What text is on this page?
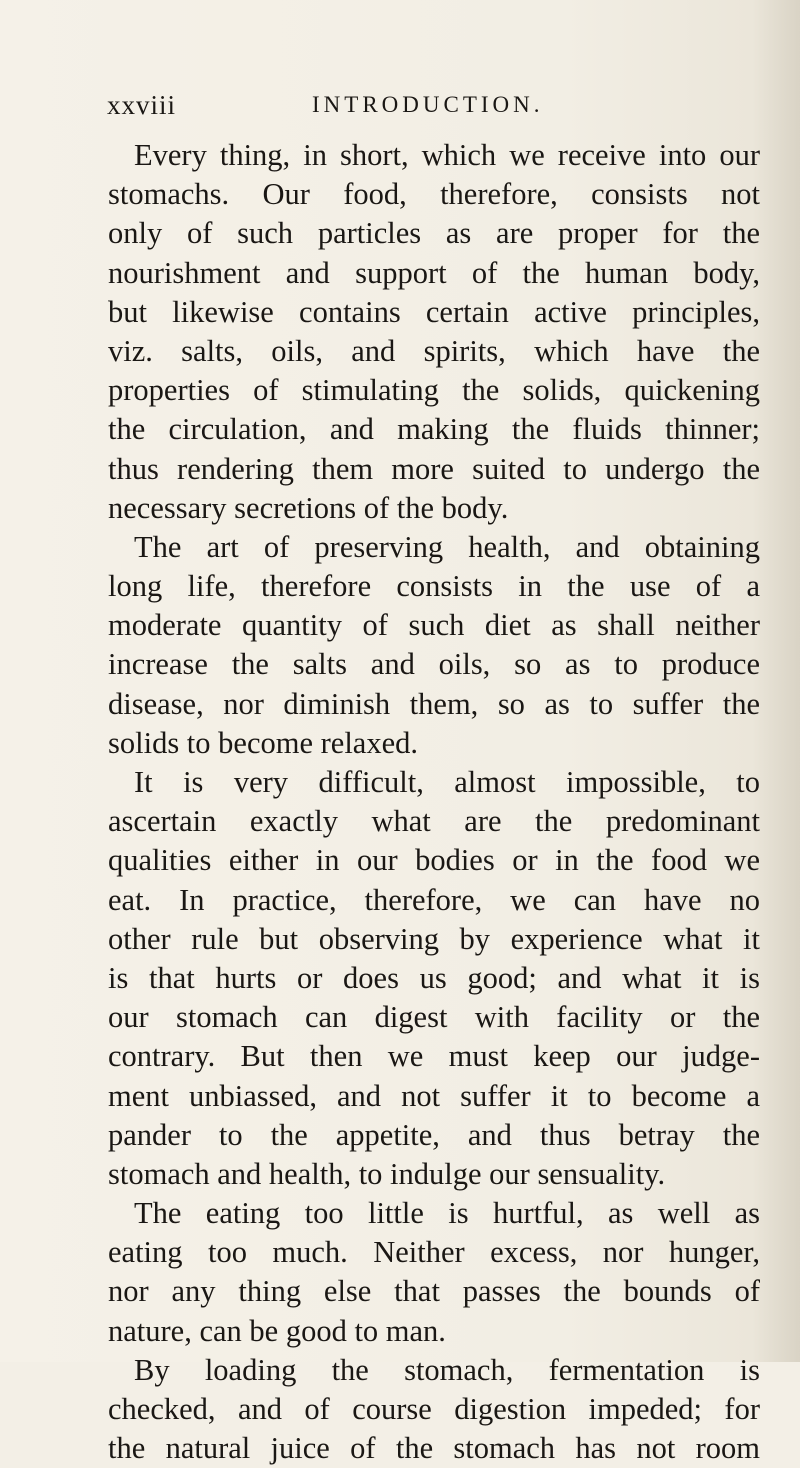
xxviii	INTRODUCTION.
Every thing, in short, which we receive into our
stomachs. Our food, therefore, consists not
only of such particles as are proper for the
nourishment and support of the human body,
but likewise contains certain active principles,
viz. salts, oils, and spirits, which have the
properties of stimulating the solids, quickening
the circulation, and making the fluids thinner;
thus rendering them more suited to undergo the
necessary secretions of the body.
The art of preserving health, and obtaining
long life, therefore consists in the use of a
moderate quantity of such diet as shall neither
increase the salts and oils, so as to produce
disease, nor diminish them, so as to suffer the
solids to become relaxed.
It is very difficult, almost impossible, to
ascertain exactly what are the predominant
qualities either in our bodies or in the food we
eat. In practice, therefore, we can have no
other rule but observing by experience what it
is that hurts or does us good; and what it is
our stomach can digest with facility or the
contrary. But then we must keep our judge-
ment unbiassed, and not suffer it to become a
pander to the appetite, and thus betray the
stomach and health, to indulge our sensuality.
The eating too little is hurtful, as well as
eating too much. Neither excess, nor hunger,
nor any thing else that passes the bounds of
nature, can be good to man.
By loading the stomach, fermentation is
checked, and of course digestion impeded; for
the natural juice of the stomach has not room
